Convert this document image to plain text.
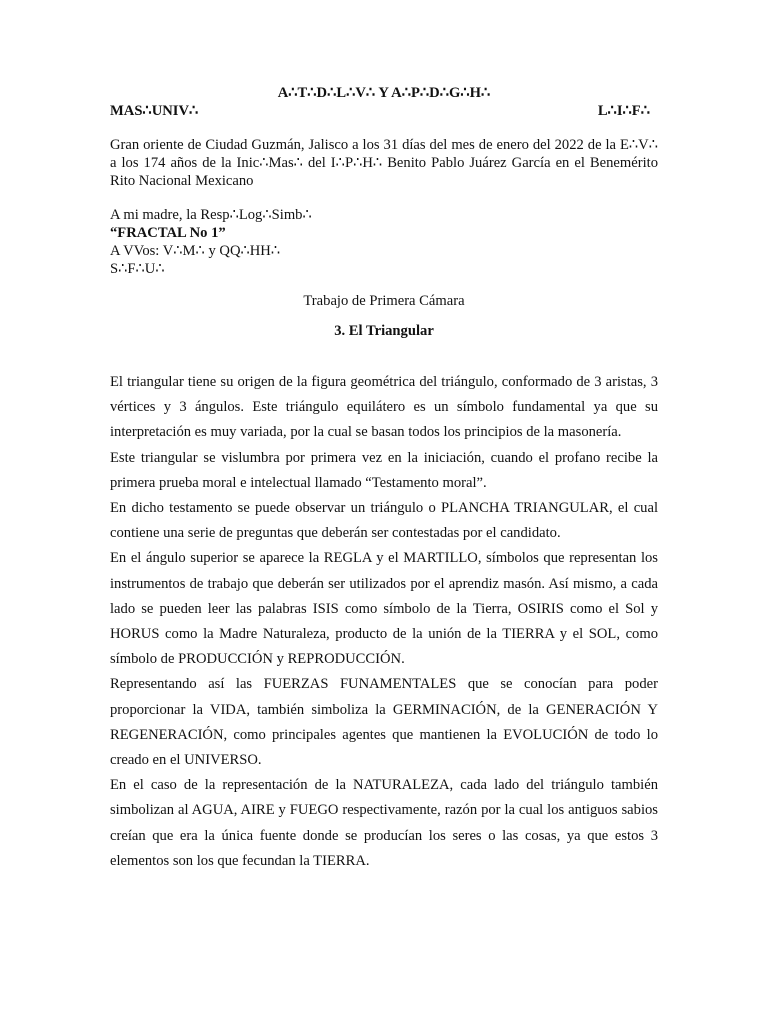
A∴T∴D∴L∴V∴ Y A∴P∴D∴G∴H∴
MAS∴UNIV∴	L∴I∴F∴
Gran oriente de Ciudad Guzmán, Jalisco a los 31 días del mes de enero del 2022 de la E∴V∴ a los 174 años de la Inic∴Mas∴ del I∴P∴H∴ Benito Pablo Juárez García en el Benemérito Rito Nacional Mexicano
A mi madre, la Resp∴Log∴Simb∴
“FRACTAL No 1”
A VVos: V∴M∴ y QQ∴HH∴
S∴F∴U∴
Trabajo de Primera Cámara
3. El Triangular

El triangular tiene su origen de la figura geométrica del triángulo, conformado de 3 aristas, 3 vértices y 3 ángulos. Este triángulo equilátero es un símbolo fundamental ya que su interpretación es muy variada, por la cual se basan todos los principios de la masonería.

Este triangular se vislumbra por primera vez en la iniciación, cuando el profano recibe la primera prueba moral e intelectual llamado “Testamento moral”.

En dicho testamento se puede observar un triángulo o PLANCHA TRIANGULAR, el cual contiene una serie de preguntas que deberán ser contestadas por el candidato.

En el ángulo superior se aparece la REGLA y el MARTILLO, símbolos que representan los instrumentos de trabajo que deberán ser utilizados por el aprendiz masón. Así mismo, a cada lado se pueden leer las palabras ISIS como símbolo de la Tierra, OSIRIS como el Sol y HORUS como la Madre Naturaleza, producto de la unión de la TIERRA y el SOL, como símbolo de PRODUCCIÓN y REPRODUCCIÓN.

Representando así las FUERZAS FUNAMENTALES que se conocían para poder proporcionar la VIDA, también simboliza la GERMINACIÓN, de la GENERACIÓN Y REGENERACIÓN, como principales agentes que mantienen la EVOLUCIÓN de todo lo creado en el UNIVERSO.

En el caso de la representación de la NATURALEZA, cada lado del triángulo también simbolizan al AGUA, AIRE y FUEGO respectivamente, razón por la cual los antiguos sabios creían que era la única fuente donde se producían los seres o las cosas, ya que estos 3 elementos son los que fecundan la TIERRA.
